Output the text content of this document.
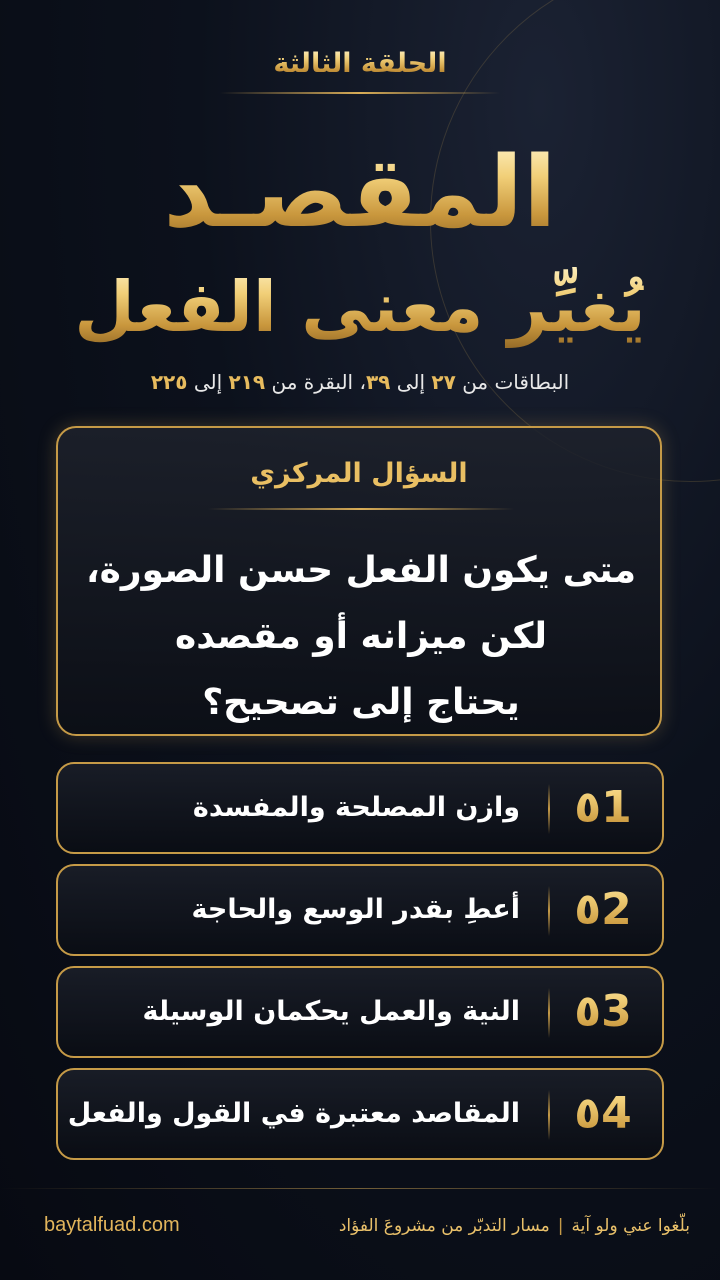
الحلقة الثالثة
المقصـد
يُغيِّر معنى الفعل
البطاقات من ٢٧ إلى ٣٩، البقرة من ٢١٩ إلى ٢٢٥
السؤال المركزي
متى يكون الفعل حسن الصورة،
لكن ميزانه أو مقصده
يحتاج إلى تصحيح؟
٥1
وازن المصلحة والمفسدة
٥2
أعطِ بقدر الوسع والحاجة
٥3
النية والعمل يحكمان الوسيلة
٥4
المقاصد معتبرة في القول والفعل
بلّغوا عني ولو آية|مسار التدبّر من مشروعَ الفؤاد
baytalfuad.com
